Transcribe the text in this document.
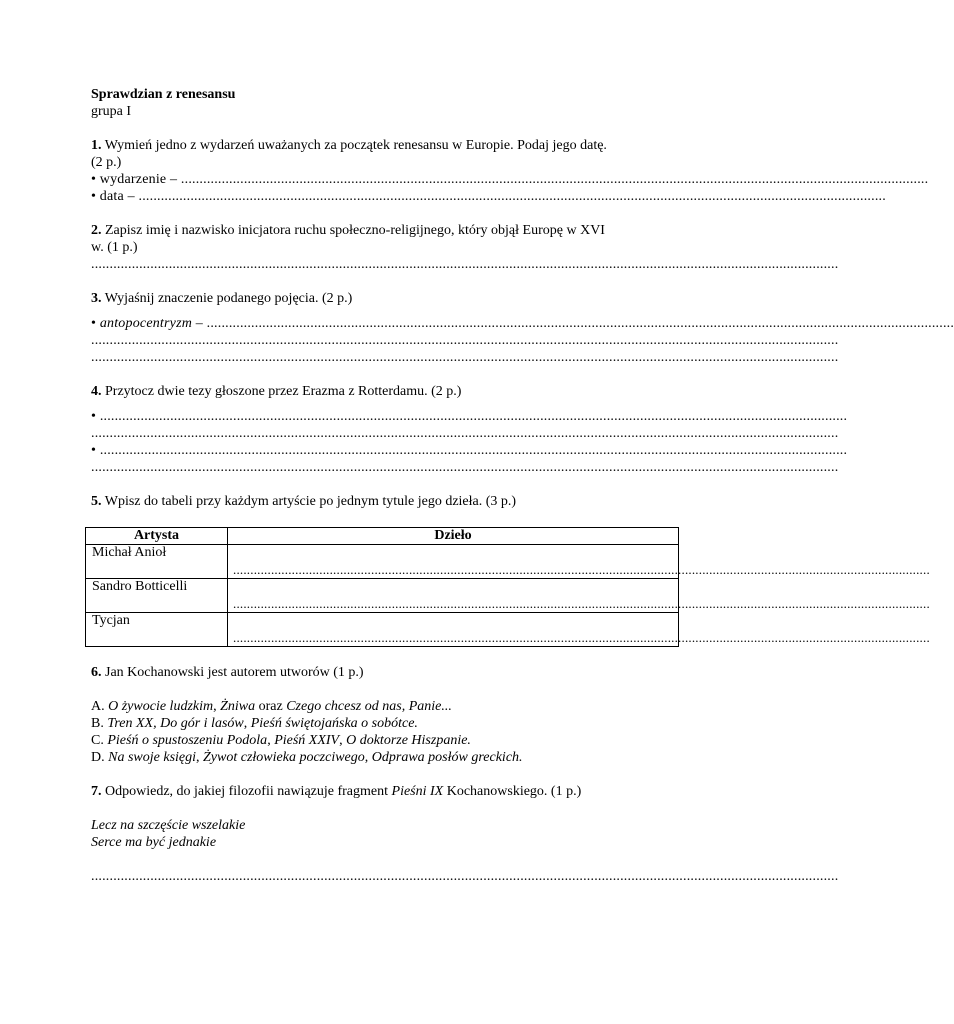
Sprawdzian z renesansu
grupa I
1. Wymień jedno z wydarzeń uważanych za początek renesansu w Europie. Podaj jego datę.
(2 p.)
• wydarzenie – ..........................................................................................................................................................................................................
• data – ..........................................................................................................................................................................................................
2. Zapisz imię i nazwisko inicjatora ruchu społeczno-religijnego, który objął Europę w XVI
w. (1 p.)
..........................................................................................................................................................................................................
3. Wyjaśnij znaczenie podanego pojęcia. (2 p.)
• antopocentryzm – ..........................................................................................................................................................................................................
..........................................................................................................................................................................................................
..........................................................................................................................................................................................................
4. Przytocz dwie tezy głoszone przez Erazma z Rotterdamu. (2 p.)
• ..........................................................................................................................................................................................................
..........................................................................................................................................................................................................
• ..........................................................................................................................................................................................................
..........................................................................................................................................................................................................
5. Wpisz do tabeli przy każdym artyście po jednym tytule jego dzieła. (3 p.)
Artysta	Dzieło
Michał Anioł	..........................................................................................................................................................................................................

Sandro Botticelli	..........................................................................................................................................................................................................

Tycjan	..........................................................................................................................................................................................................
6. Jan Kochanowski jest autorem utworów (1 p.)
A. O żywocie ludzkim, Żniwa oraz Czego chcesz od nas, Panie...
B. Tren XX, Do gór i lasów, Pieśń świętojańska o sobótce.
C. Pieśń o spustoszeniu Podola, Pieśń XXIV, O doktorze Hiszpanie.
D. Na swoje księgi, Żywot człowieka poczciwego, Odprawa posłów greckich.
7. Odpowiedz, do jakiej filozofii nawiązuje fragment Pieśni IX Kochanowskiego. (1 p.)
Lecz na szczęście wszelakie
Serce ma być jednakie
..........................................................................................................................................................................................................
